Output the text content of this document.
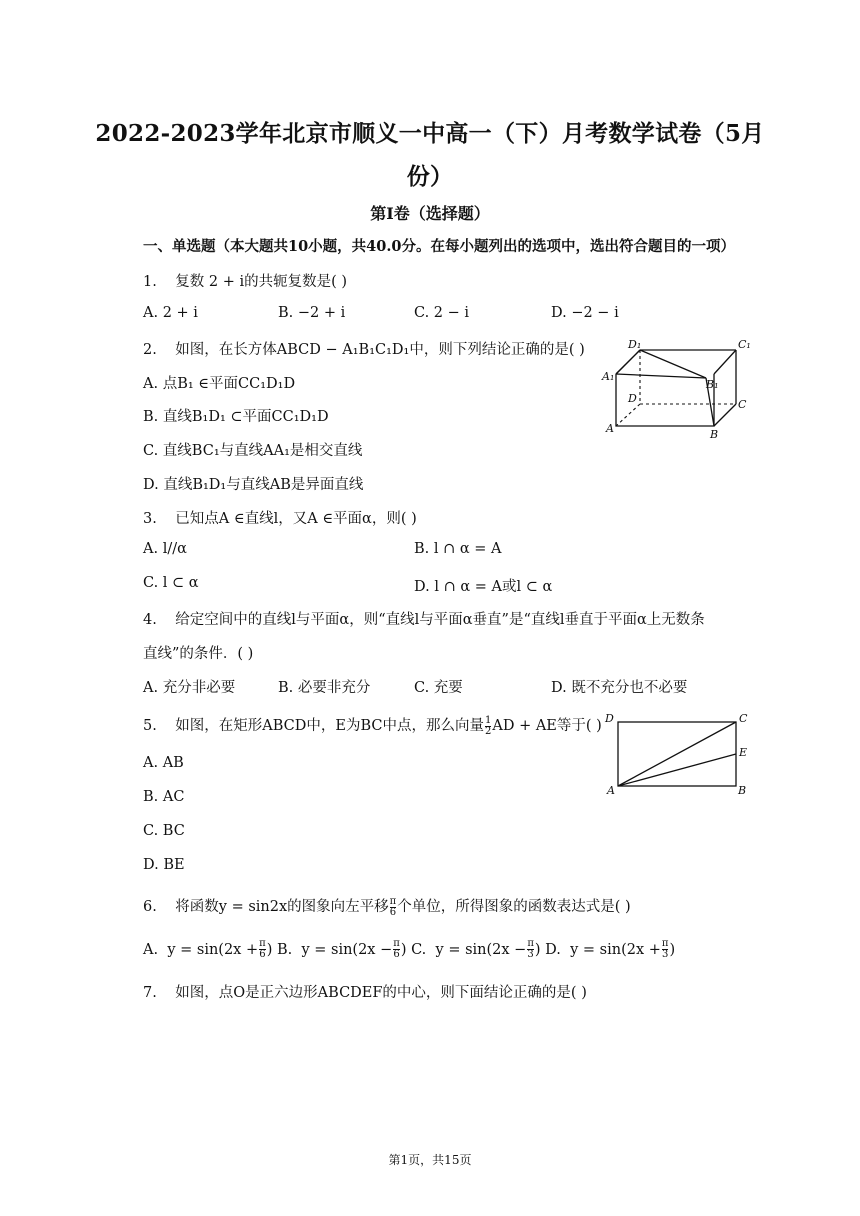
2022-2023学年北京市顺义一中高一（下）月考数学试卷（5月
份）
第I卷（选择题）
一、单选题（本大题共10小题，共40.0分。在每小题列出的选项中，选出符合题目的一项）
1. 复数 2 + i的共轭复数是( )
A. 2 + i	B. −2 + i	C. 2 − i	D. −2 − i
2. 如图，在长方体ABCD − A₁B₁C₁D₁中，则下列结论正确的是( )
A. 点B₁ ∈平面CC₁D₁D
B. 直线B₁D₁ ⊂平面CC₁D₁D
C. 直线BC₁与直线AA₁是相交直线
D. 直线B₁D₁与直线AB是异面直线
D₁	C₁
A₁
B₁
D	C
A	B
3. 已知点A ∈直线l，又A ∈平面α，则( )
A. l//α	B. l ∩ α = A
C. l ⊂ α	D. l ∩ α = A或l ⊂ α
4. 给定空间中的直线l与平面α，则“直线l与平面α垂直”是“直线l垂直于平面α上无数条
直线”的条件．( )
A. 充分非必要	B. 必要非充分	C. 充要	D. 既不充分也不必要
5. 如图，在矩形ABCD中，E为BC中点，那么向量 $\frac{1}{2}$ AD + AE等于( )
A. AB
B. AC
C. BC
D. BE
D	C
E
A	B
6. 将函数y = sin2x的图象向左平移 $\frac{\pi}{6}$ 个单位，所得图象的函数表达式是( )
A. $y = \sin(2x + \frac{\pi}{6}$ ) B. $y = \sin(2x - \frac{\pi}{6}$ ) C. $y = \sin(2x - \frac{\pi}{3}$ ) D. $y = \sin(2x + \frac{\pi}{3}$ )
7. 如图，点O是正六边形ABCDEF的中心，则下面结论正确的是( )
第1页，共15页
